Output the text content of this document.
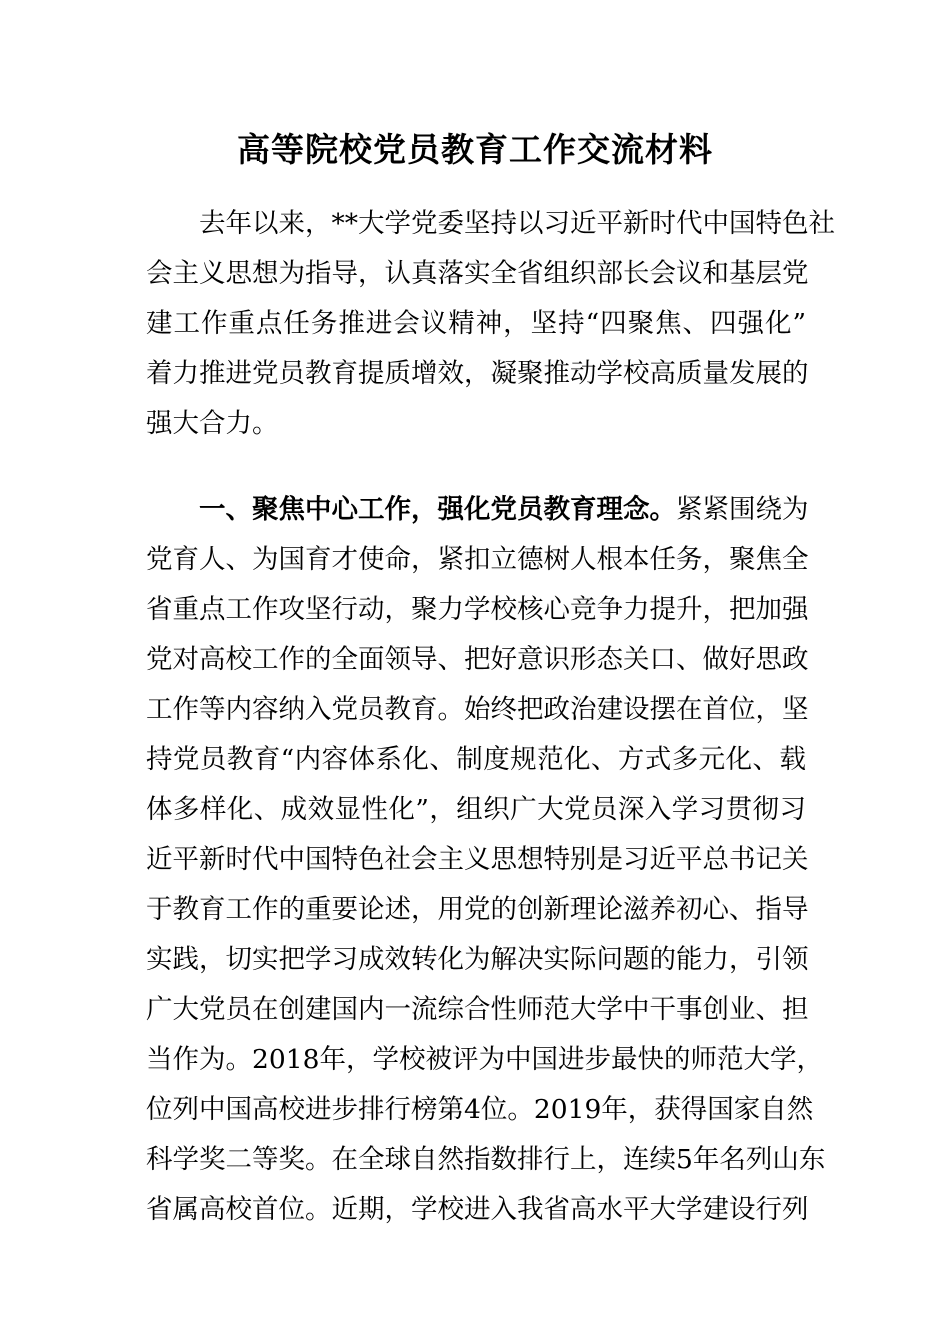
高等院校党员教育工作交流材料
　　去年以来，**大学党委坚持以习近平新时代中国特色社
会主义思想为指导，认真落实全省组织部长会议和基层党
建工作重点任务推进会议精神，坚持“四聚焦、四强化”
着力推进党员教育提质增效，凝聚推动学校高质量发展的
强大合力。
　　一、聚焦中心工作，强化党员教育理念。紧紧围绕为
党育人、为国育才使命，紧扣立德树人根本任务，聚焦全
省重点工作攻坚行动，聚力学校核心竞争力提升，把加强
党对高校工作的全面领导、把好意识形态关口、做好思政
工作等内容纳入党员教育。始终把政治建设摆在首位，坚
持党员教育“内容体系化、制度规范化、方式多元化、载
体多样化、成效显性化”，组织广大党员深入学习贯彻习
近平新时代中国特色社会主义思想特别是习近平总书记关
于教育工作的重要论述，用党的创新理论滋养初心、指导
实践，切实把学习成效转化为解决实际问题的能力，引领
广大党员在创建国内一流综合性师范大学中干事创业、担
当作为。2018年，学校被评为中国进步最快的师范大学，
位列中国高校进步排行榜第4位。2019年，获得国家自然
科学奖二等奖。在全球自然指数排行上，连续5年名列山东
省属高校首位。近期，学校进入我省高水平大学建设行列
